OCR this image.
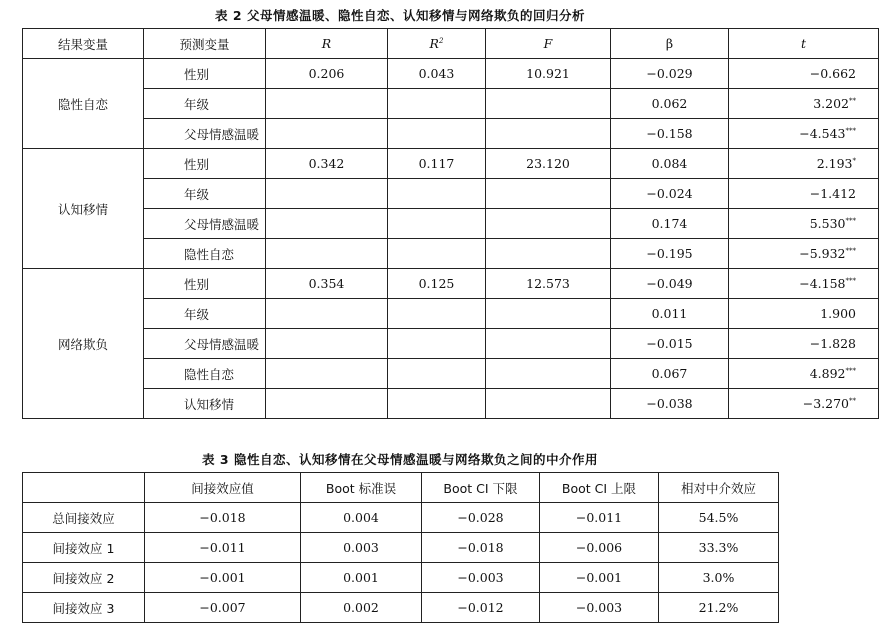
表 2 父母情感温暖、隐性自恋、认知移情与网络欺负的回归分析
结果变量	预测变量	R	$R^2$	F	β	t
隐性自恋	性别	0.206	0.043	10.921	−0.029	−0.662
	年级				0.062	3.202**
	父母情感温暖				−0.158	−4.543***
认知移情	性别	0.342	0.117	23.120	0.084	2.193*
	年级				−0.024	−1.412
	父母情感温暖				0.174	5.530***
	隐性自恋				−0.195	−5.932***
网络欺负	性别	0.354	0.125	12.573	−0.049	−4.158***
	年级				0.011	1.900
	父母情感温暖				−0.015	−1.828
	隐性自恋				0.067	4.892***
	认知移情				−0.038	−3.270**
表 3 隐性自恋、认知移情在父母情感温暖与网络欺负之间的中介作用
	间接效应值	Boot 标准误	Boot CI 下限	Boot CI 上限	相对中介效应
总间接效应	−0.018	0.004	−0.028	−0.011	54.5%
间接效应 1	−0.011	0.003	−0.018	−0.006	33.3%
间接效应 2	−0.001	0.001	−0.003	−0.001	3.0%
间接效应 3	−0.007	0.002	−0.012	−0.003	21.2%
